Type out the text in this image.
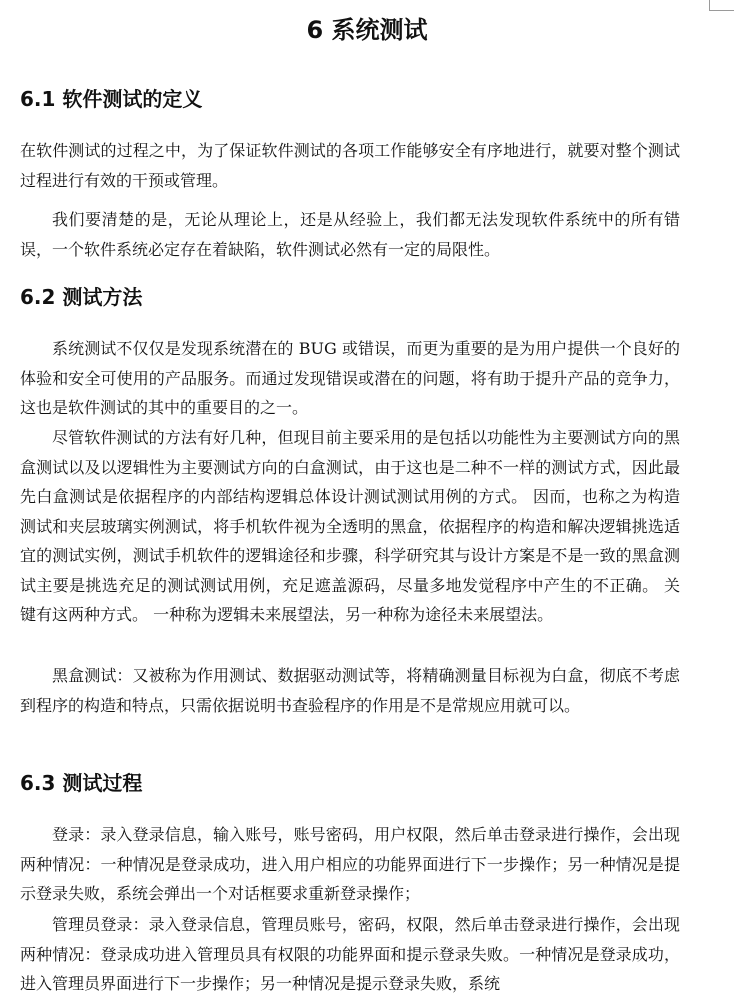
6 系统测试
6.1 软件测试的定义

在软件测试的过程之中，为了保证软件测试的各项工作能够安全有序地进行，就要对整个测试过程进行有效的干预或管理。

我们要清楚的是，无论从理论上，还是从经验上，我们都无法发现软件系统中的所有错误，一个软件系统必定存在着缺陷，软件测试必然有一定的局限性。

6.2 测试方法

系统测试不仅仅是发现系统潜在的 BUG 或错误，而更为重要的是为用户提供一个良好的体验和安全可使用的产品服务。而通过发现错误或潜在的问题，将有助于提升产品的竞争力，这也是软件测试的其中的重要目的之一。

尽管软件测试的方法有好几种，但现目前主要采用的是包括以功能性为主要测试方向的黑盒测试以及以逻辑性为主要测试方向的白盒测试，由于这也是二种不一样的测试方式，因此最先白盒测试是依据程序的内部结构逻辑总体设计测试测试用例的方式。 因而，也称之为构造测试和夹层玻璃实例测试，将手机软件视为全透明的黑盒，依据程序的构造和解决逻辑挑选适宜的测试实例，测试手机软件的逻辑途径和步骤，科学研究其与设计方案是不是一致的黑盒测试主要是挑选充足的测试测试用例，充足遮盖源码，尽量多地发觉程序中产生的不正确。 关键有这两种方式。 一种称为逻辑未来展望法，另一种称为途径未来展望法。

黑盒测试：又被称为作用测试、数据驱动测试等，将精确测量目标视为白盒，彻底不考虑到程序的构造和特点，只需依据说明书查验程序的作用是不是常规应用就可以。

6.3 测试过程

登录：录入登录信息，输入账号，账号密码，用户权限，然后单击登录进行操作，会出现两种情况：一种情况是登录成功，进入用户相应的功能界面进行下一步操作；另一种情况是提示登录失败，系统会弹出一个对话框要求重新登录操作；

管理员登录：录入登录信息，管理员账号，密码，权限，然后单击登录进行操作，会出现两种情况：登录成功进入管理员具有权限的功能界面和提示登录失败。一种情况是登录成功，进入管理员界面进行下一步操作；另一种情况是提示登录失败，系统
